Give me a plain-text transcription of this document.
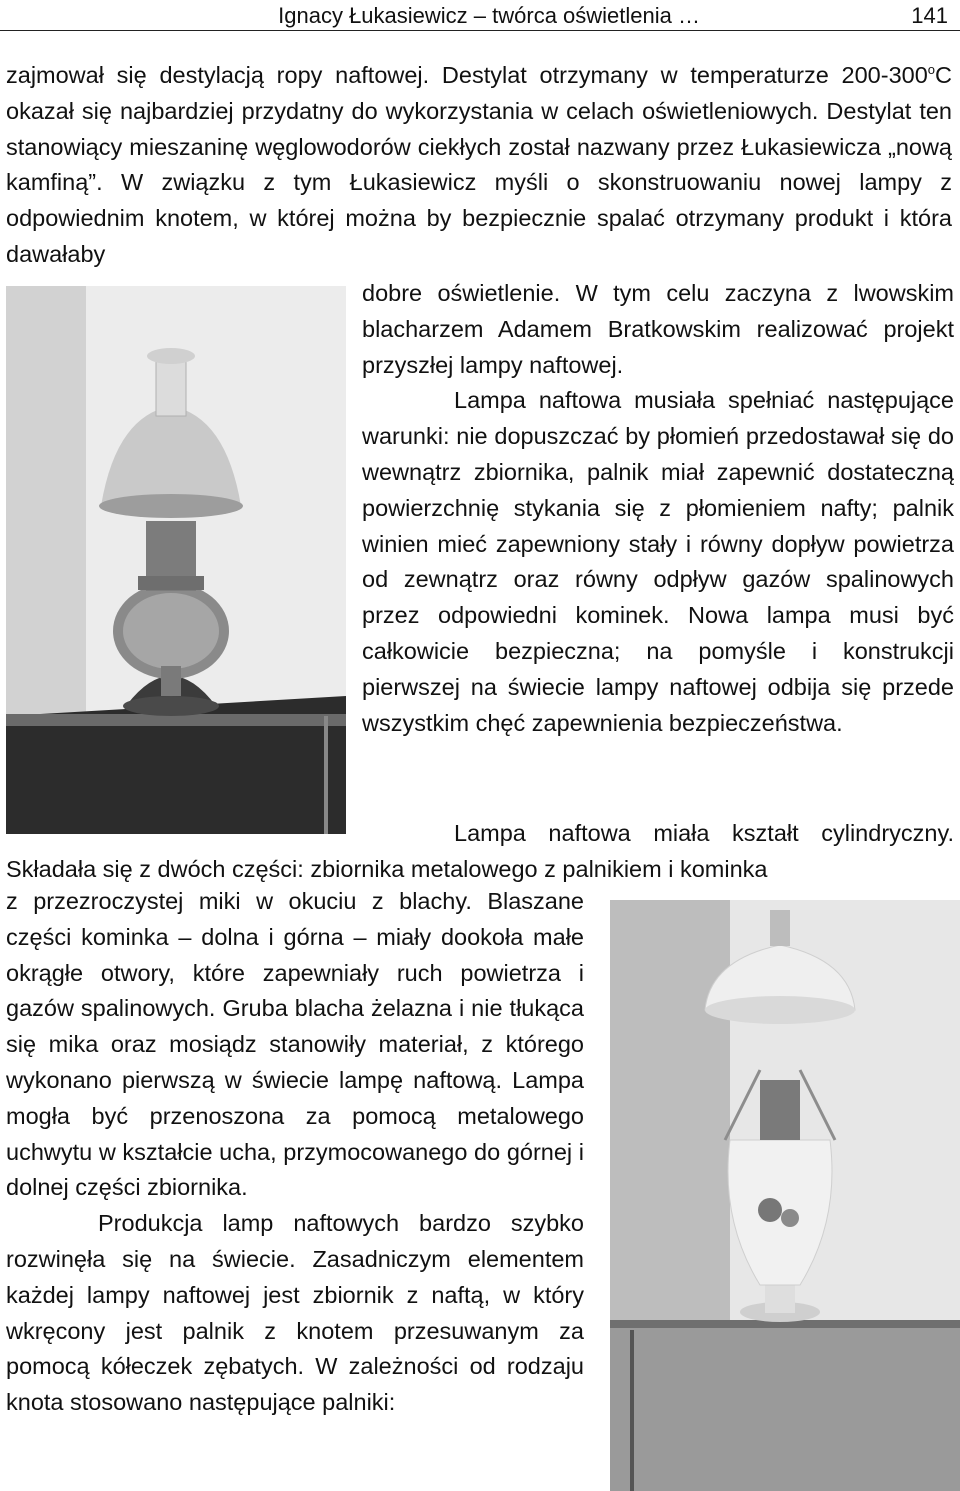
Ignacy Łukasiewicz – twórca oświetlenia …	141

zajmował się destylacją ropy naftowej. Destylat otrzymany w temperaturze 200-300$^o$C okazał się najbardziej przydatny do wykorzystania w celach oświetleniowych. Destylat ten stanowiący mieszaninę węglowodorów ciekłych został nazwany przez Łukasiewicza „nową kamfiną”. W związku z tym Łukasiewicz myśli o skonstruowaniu nowej lampy z odpowiednim knotem, w której można by bezpiecznie spalać otrzymany produkt i która dawałaby

dobre oświetlenie. W tym celu zaczyna z lwowskim blacharzem Adamem Bratkowskim realizować projekt przyszłej lampy naftowej.

Lampa naftowa musiała spełniać następujące warunki: nie dopuszczać by płomień przedostawał się do wewnątrz zbiornika, palnik miał zapewnić dostateczną powierzchnię stykania się z płomieniem nafty; palnik winien mieć zapewniony stały i równy dopływ powietrza od zewnątrz oraz równy odpływ gazów spalinowych przez odpowiedni kominek. Nowa lampa musi być całkowicie bezpieczna; na pomyśle i konstrukcji pierwszej na świecie lampy naftowej odbija się przede wszystkim chęć zapewnienia bezpieczeństwa.

Lampa naftowa miała kształt cylindryczny. Składała się z dwóch części: zbiornika metalowego z palnikiem i kominka

z przezroczystej miki w okuciu z blachy. Blaszane części kominka – dolna i górna – miały dookoła małe okrągłe otwory, które zapewniały ruch powietrza i gazów spalinowych. Gruba blacha żelazna i nie tłukąca się mika oraz mosiądz stanowiły materiał, z którego wykonano pierwszą w świecie lampę naftową. Lampa mogła być przenoszona za pomocą metalowego uchwytu w kształcie ucha, przymocowanego do górnej i dolnej części zbiornika.

Produkcja lamp naftowych bardzo szybko rozwinęła się na świecie. Zasadniczym elementem każdej lampy naftowej jest zbiornik z naftą, w który wkręcony jest palnik z knotem przesuwanym za pomocą kółeczek zębatych. W zależności od rodzaju knota stosowano następujące palniki:
